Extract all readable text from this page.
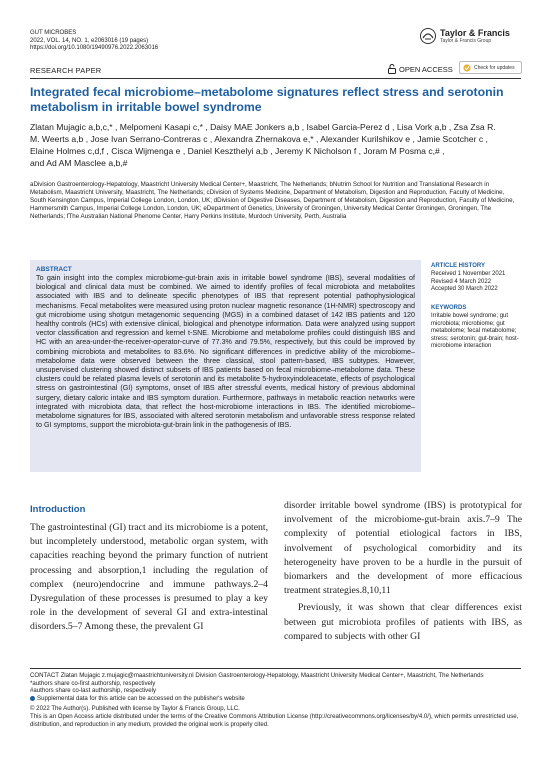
GUT MICROBES
2022, VOL. 14, NO. 1, e2063016 (19 pages)
https://doi.org/10.1080/19490976.2022.2063016
Taylor & Francis
Taylor & Francis Group
RESEARCH PAPER	OPEN ACCESS	Check for updates
Integrated fecal microbiome–metabolome signatures reflect stress and serotonin
metabolism in irritable bowel syndrome
Zlatan Mujagic a,b,c,* , Melpomeni Kasapi c,* , Daisy MAE Jonkers a,b , Isabel Garcia-Perez d , Lisa Vork a,b , Zsa Zsa R.
M. Weerts a,b , Jose Ivan Serrano-Contreras c , Alexandra Zhernakova e,* , Alexander Kurilshikov e , Jamie Scotcher c ,
Elaine Holmes c,d,f , Cisca Wijmenga e , Daniel Keszthelyi a,b , Jeremy K Nicholson f , Joram M Posma c,# ,
and Ad AM Masclee a,b,#
aDivision Gastroenterology-Hepatology, Maastricht University Medical Center+, Maastricht, The Netherlands; bNutrim School for Nutrition and Translational Research in Metabolism, Maastricht University, Maastricht, The Netherlands; cDivision of Systems Medicine, Department of Metabolism, Digestion and Reproduction, Faculty of Medicine, South Kensington Campus, Imperial College London, London, UK; dDivision of Digestive Diseases, Department of Metabolism, Digestion and Reproduction, Faculty of Medicine, Hammersmith Campus, Imperial College London, London, UK; eDepartment of Genetics, University of Groningen, University Medical Center Groningen, Groningen, The Netherlands; fThe Australian National Phenome Center, Harry Perkins Institute, Murdoch University, Perth, Australia
ABSTRACT
To gain insight into the complex microbiome-gut-brain axis in irritable bowel syndrome (IBS), several modalities of biological and clinical data must be combined. We aimed to identify profiles of fecal microbiota and metabolites associated with IBS and to delineate specific phenotypes of IBS that represent potential pathophysiological mechanisms. Fecal metabolites were measured using proton nuclear magnetic resonance (1H-NMR) spectroscopy and gut microbiome using shotgun metagenomic sequencing (MGS) in a combined dataset of 142 IBS patients and 120 healthy controls (HCs) with extensive clinical, biological and phenotype information. Data were analyzed using support vector classification and regression and kernel t-SNE. Microbiome and metabolome profiles could distinguish IBS and HC with an area-under-the-receiver-operator-curve of 77.3% and 79.5%, respectively, but this could be improved by combining microbiota and metabolites to 83.6%. No significant differences in predictive ability of the microbiome–metabolome data were observed between the three classical, stool pattern-based, IBS subtypes. However, unsupervised clustering showed distinct subsets of IBS patients based on fecal microbiome–metabolome data. These clusters could be related plasma levels of serotonin and its metabolite 5-hydroxyindoleacetate, effects of psychological stress on gastrointestinal (GI) symptoms, onset of IBS after stressful events, medical history of previous abdominal surgery, dietary caloric intake and IBS symptom duration. Furthermore, pathways in metabolic reaction networks were integrated with microbiota data, that reflect the host-microbiome interactions in IBS. The identified microbiome–metabolome signatures for IBS, associated with altered serotonin metabolism and unfavorable stress response related to GI symptoms, support the microbiota-gut-brain link in the pathogenesis of IBS.
ARTICLE HISTORY
Received 1 November 2021
Revised 4 March 2022
Accepted 30 March 2022
KEYWORDS
Irritable bowel syndrome; gut microbiota; microbiome; gut metabolome; fecal metabolome; stress; serotonin; gut-brain; host-microbiome interaction
Introduction
The gastrointestinal (GI) tract and its microbiome is a potent, but incompletely understood, metabolic organ system, with capacities reaching beyond the primary function of nutrient processing and absorption,1 including the regulation of complex (neuro)endocrine and immune pathways.2–4 Dysregulation of these processes is presumed to play a key role in the development of several GI and extra-intestinal disorders.5–7 Among these, the prevalent GI
disorder irritable bowel syndrome (IBS) is prototypical for involvement of the microbiome-gut-brain axis.7–9 The complexity of potential etiological factors in IBS, involvement of psychological comorbidity and its heterogeneity have proven to be a hurdle in the pursuit of biomarkers and the development of more efficacious treatment strategies.8,10,11
Previously, it was shown that clear differences exist between gut microbiota profiles of patients with IBS, as compared to subjects with other GI
CONTACT Zlatan Mujagic z.mujagic@maastrichtuniversity.nl Division Gastroenterology-Hepatology, Maastricht University Medical Center+, Maastricht, The Netherlands
*authors share co-first authorship, respectively
#authors share co-last authorship, respectively
Supplemental data for this article can be accessed on the publisher's website
© 2022 The Author(s). Published with license by Taylor & Francis Group, LLC.
This is an Open Access article distributed under the terms of the Creative Commons Attribution License (http://creativecommons.org/licenses/by/4.0/), which permits unrestricted use, distribution, and reproduction in any medium, provided the original work is properly cited.
